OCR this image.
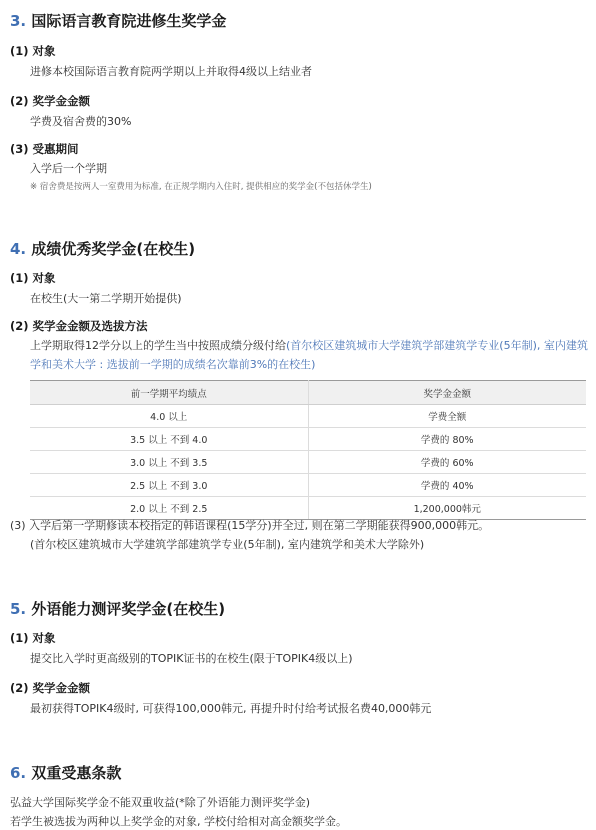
3. 国际语言教育院进修生奖学金
(1) 对象
进修本校国际语言教育院两学期以上并取得4级以上结业者
(2) 奖学金金额
学费及宿舍费的30%
(3) 受惠期间
入学后一个学期
※ 宿舍费是按两人一室费用为标准, 在正规学期内入住时, 提供相应的奖学金(不包括休学生)
4. 成绩优秀奖学金(在校生)
(1) 对象
在校生(大一第二学期开始提供)
(2) 奖学金金额及选拔方法
上学期取得12学分以上的学生当中按照成绩分级付给(首尔校区建筑城市大学建筑学部建筑学专业(5年制), 室内建筑
学和美术大学 : 选拔前一学期的成绩名次靠前3%的在校生)
前一学期平均绩点	奖学金金额
4.0 以上	学费全额
3.5 以上 不到 4.0	学费的 80%
3.0 以上 不到 3.5	学费的 60%
2.5 以上 不到 3.0	学费的 40%
2.0 以上 不到 2.5	1,200,000韩元
(3) 入学后第一学期修读本校指定的韩语课程(15学分)并全过, 则在第二学期能获得900,000韩元。
(首尔校区建筑城市大学建筑学部建筑学专业(5年制), 室内建筑学和美术大学除外)
5. 外语能力测评奖学金(在校生)
(1) 对象
提交比入学时更高级别的TOPIK证书的在校生(限于TOPIK4级以上)
(2) 奖学金金额
最初获得TOPIK4级时, 可获得100,000韩元, 再提升时付给考试报名费40,000韩元
6. 双重受惠条款
弘益大学国际奖学金不能双重收益(*除了外语能力测评奖学金)
若学生被选拔为两种以上奖学金的对象, 学校付给相对高金额奖学金。
